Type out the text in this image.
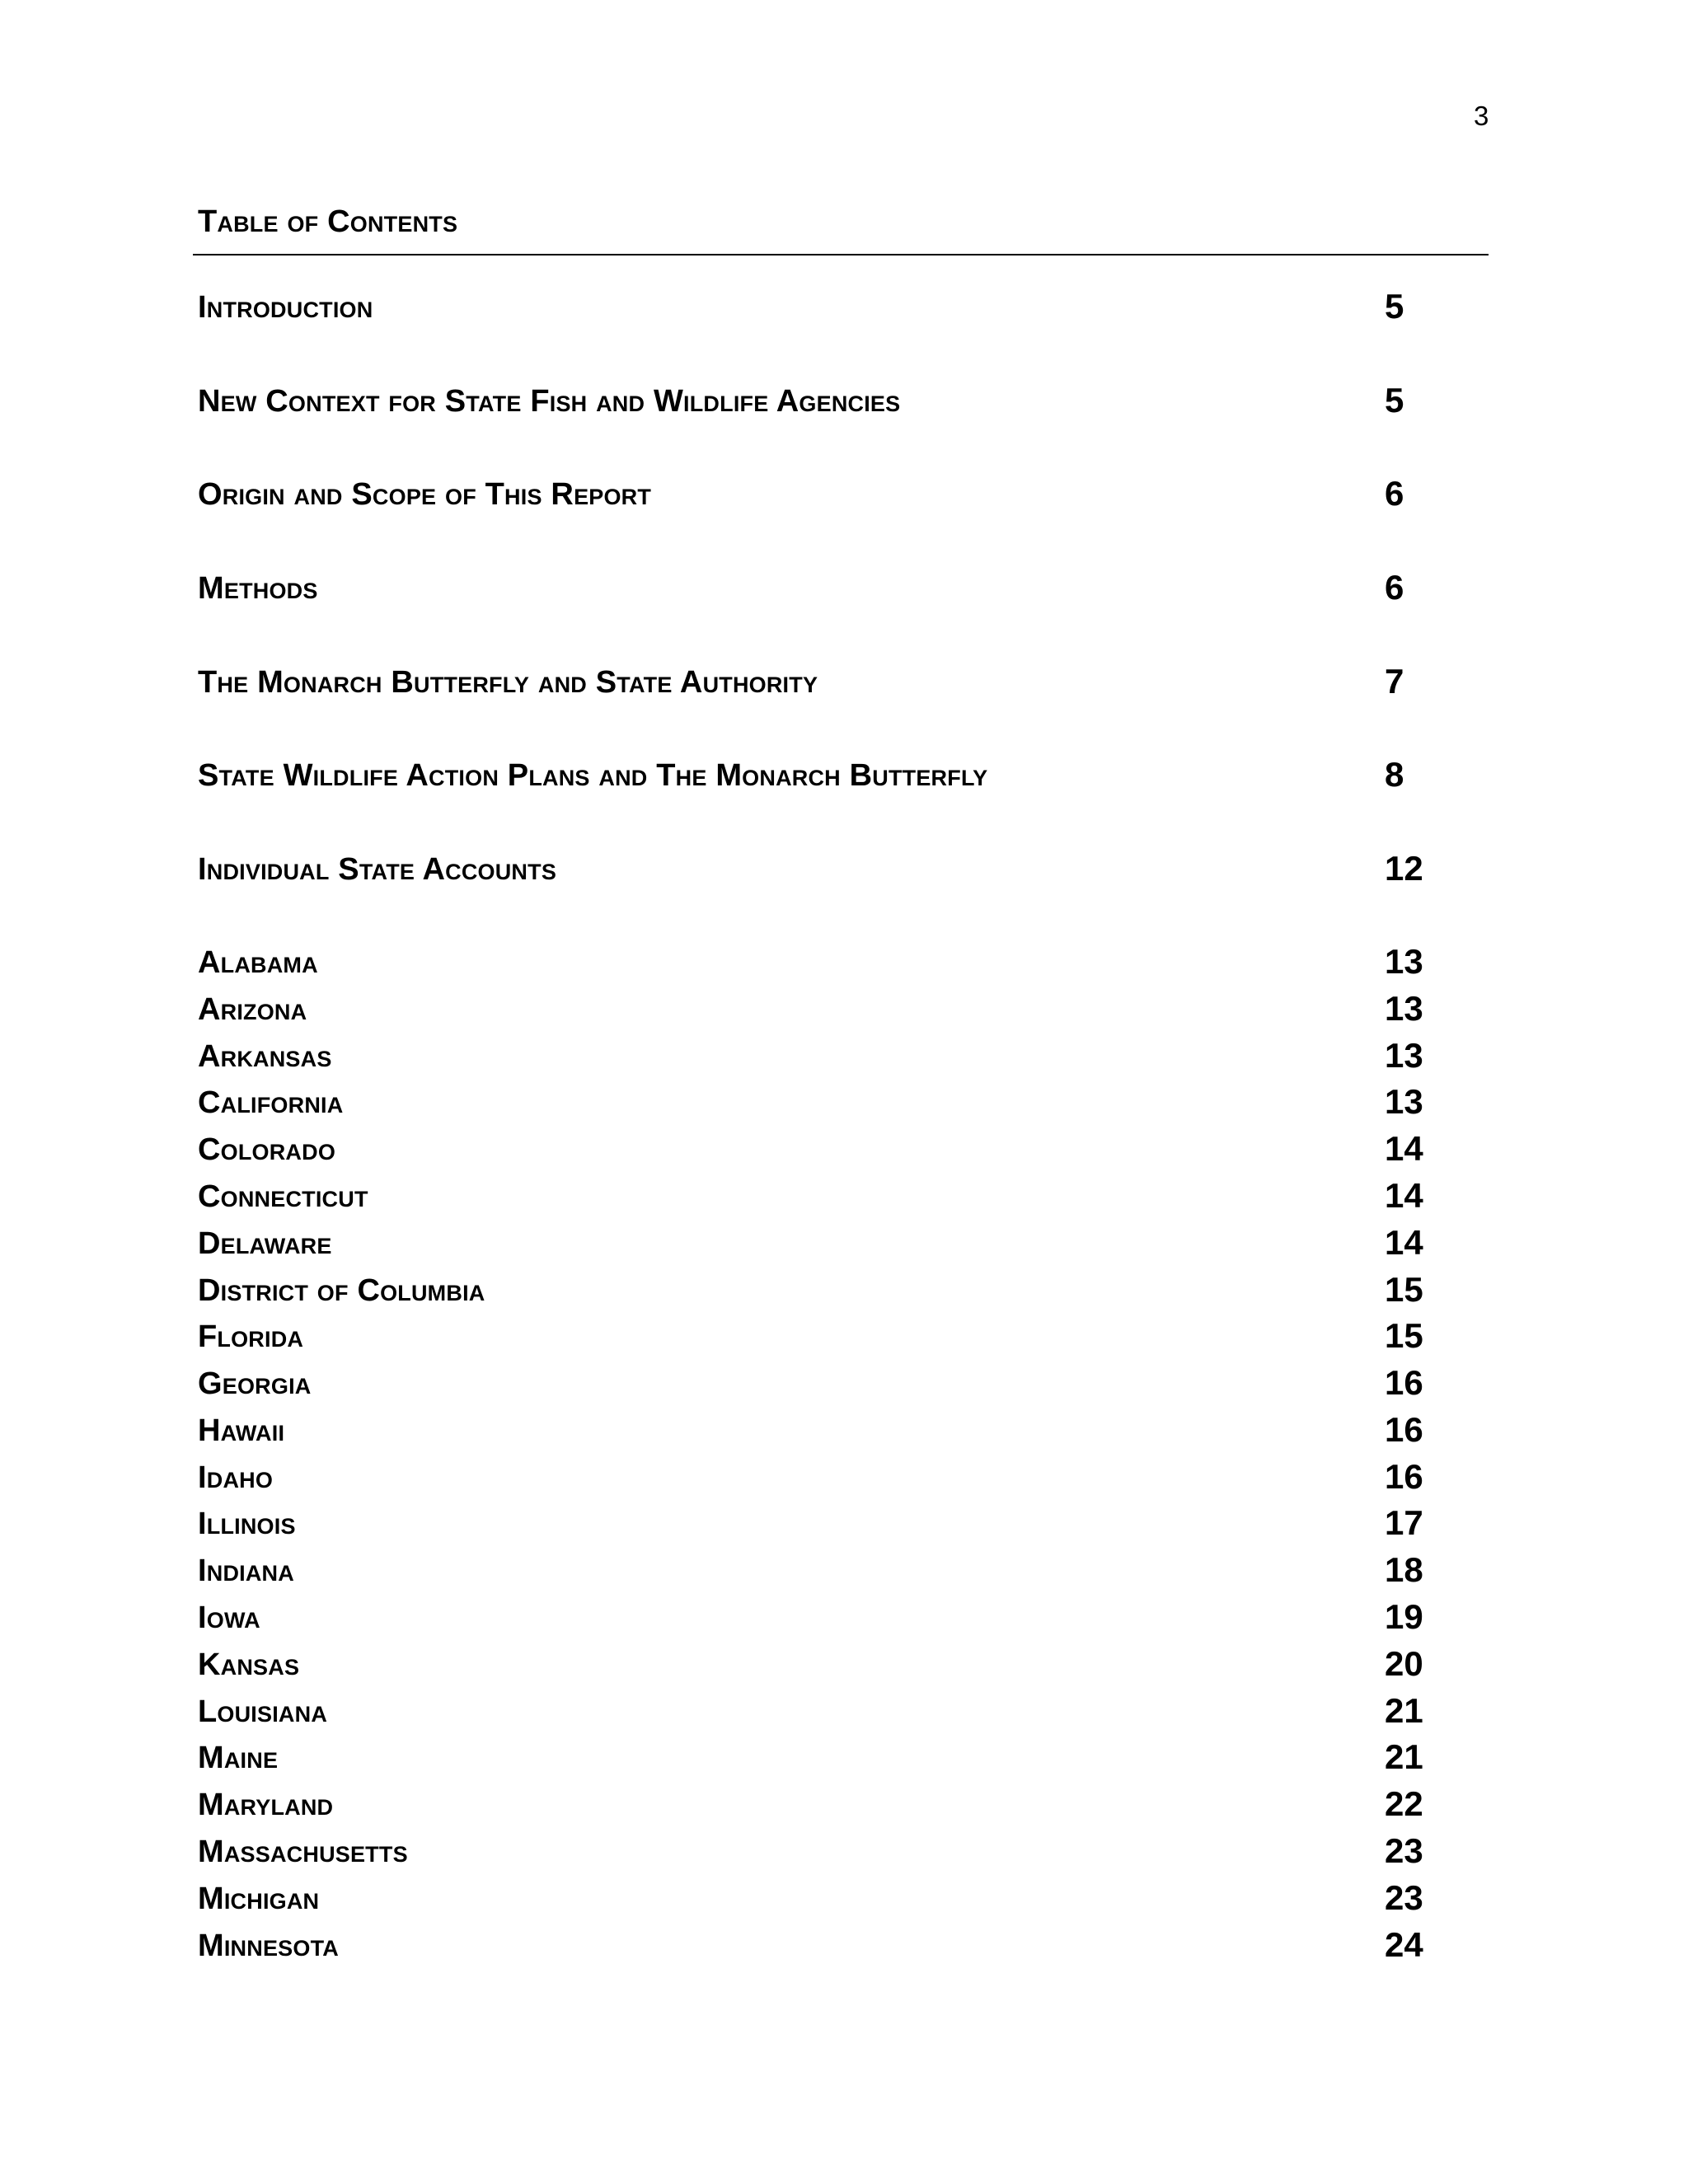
3
Table of Contents
Introduction	5
New Context for State Fish and Wildlife Agencies	5
Origin and Scope of This Report	6
Methods	6
The Monarch Butterfly and State Authority	7
State Wildlife Action Plans and The Monarch Butterfly	8
Individual State Accounts	12
Alabama	13
Arizona	13
Arkansas	13
California	13
Colorado	14
Connecticut	14
Delaware	14
District of Columbia	15
Florida	15
Georgia	16
Hawaii	16
Idaho	16
Illinois	17
Indiana	18
Iowa	19
Kansas	20
Louisiana	21
Maine	21
Maryland	22
Massachusetts	23
Michigan	23
Minnesota	24
